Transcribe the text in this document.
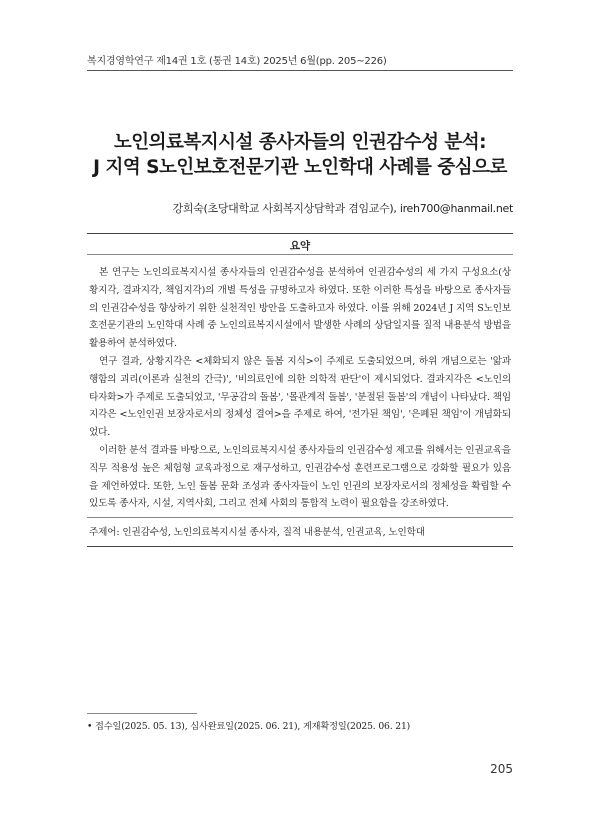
복지경영학연구 제14권 1호 (통권 14호) 2025년 6월(pp. 205~226)
노인의료복지시설 종사자들의 인권감수성 분석:
J 지역 S노인보호전문기관 노인학대 사례를 중심으로
강희숙(초당대학교 사회복지상담학과 겸임교수), ireh700@hanmail.net
요약

본 연구는 노인의료복지시설 종사자들의 인권감수성을 분석하여 인권감수성의 세 가지 구성요소(상황지각, 결과지각, 책임지각)의 개별 특성을 규명하고자 하였다. 또한 이러한 특성을 바탕으로 종사자들의 인권감수성을 향상하기 위한 실천적인 방안을 도출하고자 하였다. 이를 위해 2024년 J 지역 S노인보호전문기관의 노인학대 사례 중 노인의료복지시설에서 발생한 사례의 상담일지를 질적 내용분석 방법을 활용하여 분석하였다.

연구 결과, 상황지각은 <체화되지 않은 돌봄 지식>이 주제로 도출되었으며, 하위 개념으로는 '앎과 행함의 괴리(이론과 실천의 간극)', '비의료인에 의한 의학적 판단'이 제시되었다. 결과지각은 <노인의 타자화>가 주제로 도출되었고, '무공감의 돌봄', '몰관계적 돌봄', '분절된 돌봄'의 개념이 나타났다. 책임지각은 <노인인권 보장자로서의 정체성 결여>을 주제로 하여, '전가된 책임', '은폐된 책임'이 개념화되었다.

이러한 분석 결과를 바탕으로, 노인의료복지시설 종사자들의 인권감수성 제고를 위해서는 인권교육을 직무 적용성 높은 체험형 교육과정으로 재구성하고, 인권감수성 훈련프로그램으로 강화할 필요가 있음을 제언하였다. 또한, 노인 돌봄 문화 조성과 종사자들이 노인 인권의 보장자로서의 정체성을 확립할 수 있도록 종사자, 시설, 지역사회, 그리고 전체 사회의 통합적 노력이 필요함을 강조하였다.

주제어: 인권감수성, 노인의료복지시설 종사자, 질적 내용분석, 인권교육, 노인학대
• 접수일(2025. 05. 13), 심사완료일(2025. 06. 21), 게재확정일(2025. 06. 21)
205
